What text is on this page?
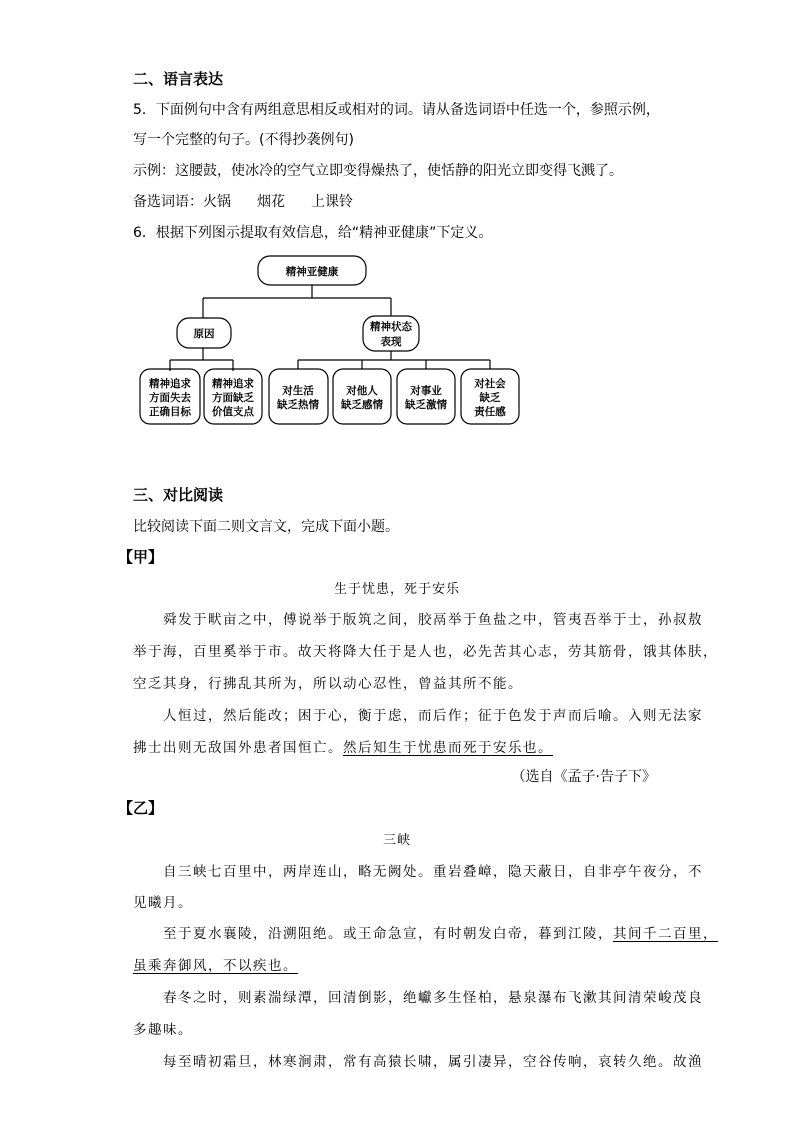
二、语言表达
5．下面例句中含有两组意思相反或相对的词。请从备选词语中任选一个，参照示例，
写一个完整的句子。(不得抄袭例句)
示例：这腰鼓，使冰冷的空气立即变得燥热了，使恬静的阳光立即变得飞溅了。
备选词语：火锅 烟花 上课铃
6．根据下列图示提取有效信息，给“精神亚健康”下定义。
精神亚健康
原因
精神状态
表现
精神追求
方面失去
正确目标
精神追求
方面缺乏
价值支点
对生活
缺乏热情
对他人
缺乏感情
对事业
缺乏激情
对社会
缺乏
责任感
三、对比阅读
比较阅读下面二则文言文，完成下面小题。
【甲】
生于忧患，死于安乐
舜发于畎亩之中，傅说举于版筑之间，胶鬲举于鱼盐之中，管夷吾举于士，孙叔敖
举于海，百里奚举于市。故天将降大任于是人也，必先苦其心志，劳其筋骨，饿其体肤，
空乏其身，行拂乱其所为，所以动心忍性，曾益其所不能。
人恒过，然后能改；困于心，衡于虑，而后作；征于色发于声而后喻。入则无法家
拂士出则无敌国外患者国恒亡。然后知生于忧患而死于安乐也。
（选自《孟子·告子下》
【乙】
三峡
自三峡七百里中，两岸连山，略无阙处。重岩叠嶂，隐天蔽日，自非亭午夜分，不
见曦月。
至于夏水襄陵，沿溯阻绝。或王命急宣，有时朝发白帝，暮到江陵，其间千二百里，
虽乘奔御风，不以疾也。
春冬之时，则素湍绿潭，回清倒影，绝巘多生怪柏，悬泉瀑布飞漱其间清荣峻茂良
多趣味。
每至晴初霜旦，林寒涧肃，常有高猿长啸，属引凄异，空谷传响，哀转久绝。故渔
